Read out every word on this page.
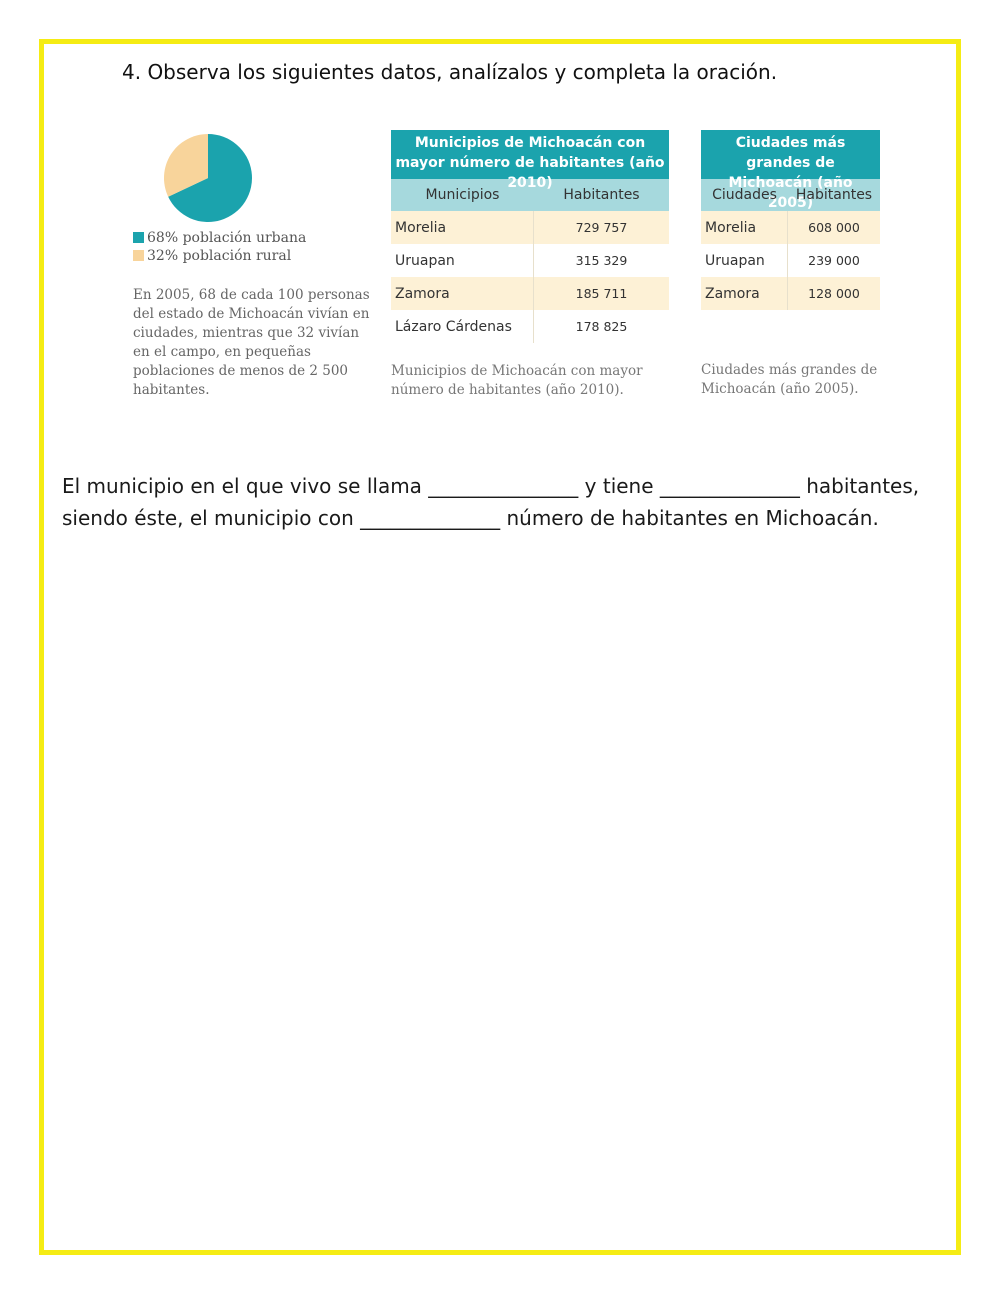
4. Observa los siguientes datos, analízalos y completa la oración.
68% población urbana
32% población rural
En 2005, 68 de cada 100 personas del estado de Michoacán vivían en ciudades, mientras que 32 vivían en el campo, en pequeñas poblaciones de menos de 2 500 habitantes.
Municipios de Michoacán con mayor número de habitantes (año 2010)
Municipios	Habitantes
Morelia	729 757
Uruapan	315 329
Zamora	185 711
Lázaro Cárdenas	178 825
Municipios de Michoacán con mayor número de habitantes (año 2010).
Ciudades más grandes de Michoacán (año 2005)
Ciudades	Habitantes
Morelia	608 000
Uruapan	239 000
Zamora	128 000
Ciudades más grandes de Michoacán (año 2005).
El municipio en el que vivo se llama _______________ y tiene ______________ habitantes, siendo éste, el municipio con ______________ número de habitantes en Michoacán.
